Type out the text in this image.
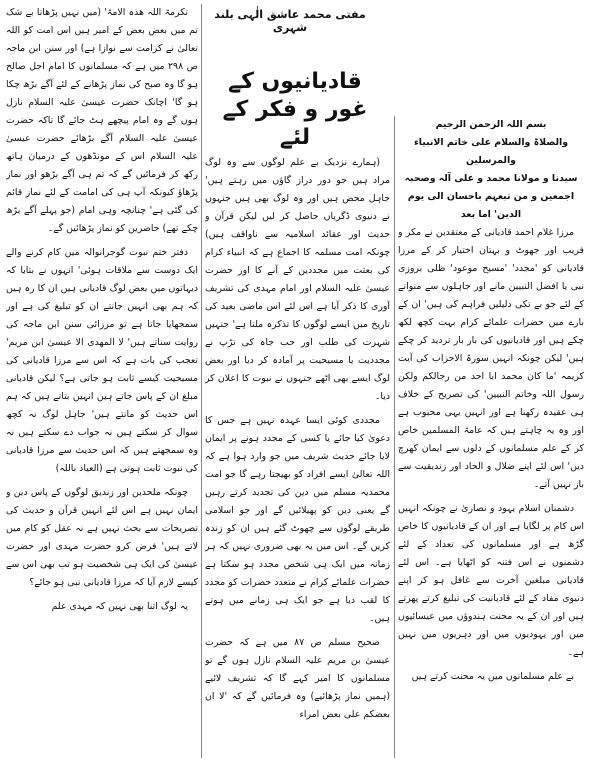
مفتی محمد عاشق الٰہی بلند شہری
قادیانیوں کے غور و فکر کے لئے

بسم اللہ الرحمن الرحیم

والصلاۃ والسلام علی خاتم الانبیاء والمرسلین

سیدنا و مولانا محمد و علی آلہ وصحبہ اجمعین و من تبعہم باحسان الی یوم الدین' اما بعد

مرزا غلام احمد قادیانی کے معتقدین نے مکر و فریب اور جھوٹ و بہتان اختیار کر کے مرزا قادیانی کو 'مجدد' 'مسیح موعود' ظلی بروزی نبی یا افضل النبیین مانے اور جاہلوں سے منوانے کے لئے جو بے تکی دلیلیں فراہم کی ہیں' ان کے بارے میں حضرات علمائے کرام بہت کچھ لکھ چکے ہیں اور قادیانیوں کی بار بار تردید کر چکے ہیں' لیکن چونکہ انہیں سورۃ الاحزاب کی آیت کریمہ 'ما کان محمد ابا احد من رجالکم ولکن رسول اللہ وخاتم النبیین' کی تصریح کے خلاف ہی عقیدہ رکھنا ہے اور انہیں یہی محبوب ہے اور وہ یہ چاہتے ہیں کہ عامۃ المسلمین خاص کر کے علم مسلمانوں کے دلوں سے ایمان کھرچ دیں' اس لئے اپنے ضلال و الحاد اور زندیقیت سے باز نہیں آتے۔

دشمنان اسلام یہود و نصاریٰ نے چونکہ انہیں اس کام پر لگایا ہے اور ان کے قادیانیوں کا خاص گڑھ ہے اور مسلمانوں کی تعداد کے لئے دشمنوں نے اس فتنہ کو اٹھایا ہے۔ اس لئے قادیانی مبلغین آخرت سے غافل ہو کر اپنے دنیوی مفاد کے لئے قادیانیت کی تبلیغ کرتے پھرتے ہیں اور ان کے یہ محنت ہندوؤں میں عیسائیوں میں اور یہودیوں میں اور دہریوں میں نہیں ہے۔

بے علم مسلمانوں میں یہ محنت کرتے ہیں

(ہمارے نزدیک بے علم لوگوں سے وہ لوگ مراد ہیں جو دور دراز گاؤں میں رہتے ہیں' جاہل محض ہیں اور وہ لوگ بھی ہیں جنہوں نے دنیوی ڈگریاں حاصل کر لیں لیکن قرآن و حدیث اور عقائد اسلامیہ سے ناواقف ہیں) چونکہ امت مسلمہ کا اجماع ہے کہ انبیاء کرام کی بعثت میں مجددین کے آنے کا اور حضرت عیسیٰ علیہ السلام اور امام مہدی کی تشریف آوری کا ذکر آیا ہے اس لئے اس ماضی بعید کی تاریخ میں ایسے لوگوں کا تذکرہ ملتا ہے' جنہیں شہرت کی طلب اور حب جاہ کی تڑپ نے مجددیت یا مسیحیت پر آمادہ کر دیا اور بعض لوگ ایسے بھی اٹھے جنہوں نے نبوت کا اعلان کر دیا۔

مجددی کوئی ایسا عہدہ نہیں ہے جس کا دعویٰ کیا جائے یا کسی کے مجدد ہونے پر ایمان لایا جائے حدیث شریف میں جو وارد ہوا ہے کہ اللہ تعالیٰ ایسے افراد کو بھیجتا رہے گا جو امت محمدیہ مسلم میں دین کی تجدید کرتے رہیں گے یعنی دین کو پھیلائیں گے اور جو اسلامی طریقے لوگوں سے چھوٹ گئے ہیں ان کو زندہ کریں گے۔ اس میں یہ بھی ضروری نہیں کہ ہر زمانہ میں ایک ہی شخص مجدد ہو سکتا ہے حضرات علمائے کرام نے متعدد حضرات کو مجدد کا لقب دیا ہے جو ایک ہی زمانے میں ہوتے ہیں۔

صحیح مسلم ص ۸۷ میں ہے کہ حضرت عیسیٰ بن مریم علیہ السلام نازل ہوں گے تو مسلمانوں کا امیر کہے گا کہ تشریف لائیے (ہمیں نماز پڑھائیے) وہ فرمائیں گے کہ 'لا ان بعضکم علی بعض امراء

تکرمۃ اللہ ھذہ الامۃ' (میں نہیں پڑھاتا بے شک تم میں بعض بعض کے امیر ہیں اس امت کو اللہ تعالیٰ نے کرامت سے نوازا ہے) اور سنن ابن ماجہ ص ۲۹۸ میں ہے کہ مسلمانوں کا امام اجل صالح ہو گا وہ صبح کی نماز پڑھانے کے لئے آگے بڑھ چکا ہو گا' اچانک حضرت عیسیٰ علیہ السلام نازل ہوں گے وہ امام پیچھے ہٹ جائے گا تاکہ حضرت عیسیٰ علیہ السلام آگے بڑھائے حضرت عیسیٰ علیہ السلام اس کے مونڈھوں کے درمیان ہاتھ رکھ کر فرمائیں گے کہ تم ہی آگے بڑھو اور نماز پڑھاؤ کیونکہ آپ ہی کی امامت کے لئے نماز قائم کی گئی ہے' چنانچہ وہی امام (جو پہلے آگے بڑھ چکے تھے) حاضرین کو نماز پڑھائیں گے۔

دفتر ختم نبوت گوجرانوالہ میں کام کرنے والے ایک دوست سے ملاقات ہوئی' انہوں نے بتایا کہ دیہاتوں میں بعض لوگ قادیانی ہیں ان کا رہ ہیں کہ ہم بھی انہیں جانتے ان کو تبلیغ کی ہے اور سمجھایا جاتا ہے تو مرزائی سنن ابن ماجہ کی روایت سناتے ہیں' لا المھدی الا عیسیٰ ابن مریم' تعجب کی بات ہے کہ اس سے مرزا قادیانی کی مسیحیت کیسے ثابت ہو جاتی ہے؟ لیکن قادیانی مبلغ ان کے پاس جاتے ہیں انہیں بتاتے ہیں کہ ہم اس حدیث کو مانتے ہیں' جاہل لوگ نہ کچھ سوال کر سکتے ہیں نہ جواب دے سکتے ہیں نہ وہ سمجھتے ہیں کہ اس حدیث سے مرزا قادیانی کی نبوت ثابت ہوتی ہے (العیاذ باللہ)

چونکہ ملحدین اور زندیق لوگوں کے پاس دین و ایمان نہیں ہے اس لئے انہیں قرآن و حدیث کی تصریحات سے بحث نہیں ہے نہ عقل کو کام میں لاتے ہیں' فرض کرو حضرت مہدی اور حضرت عیسیٰ کی ایک ہی شخصیت ہو تب بھی اس سے کیسے لازم آیا کہ مرزا قادیانی نبی ہو جائے؟

یہ لوگ اتنا بھی نہیں کہ مہدی علم
